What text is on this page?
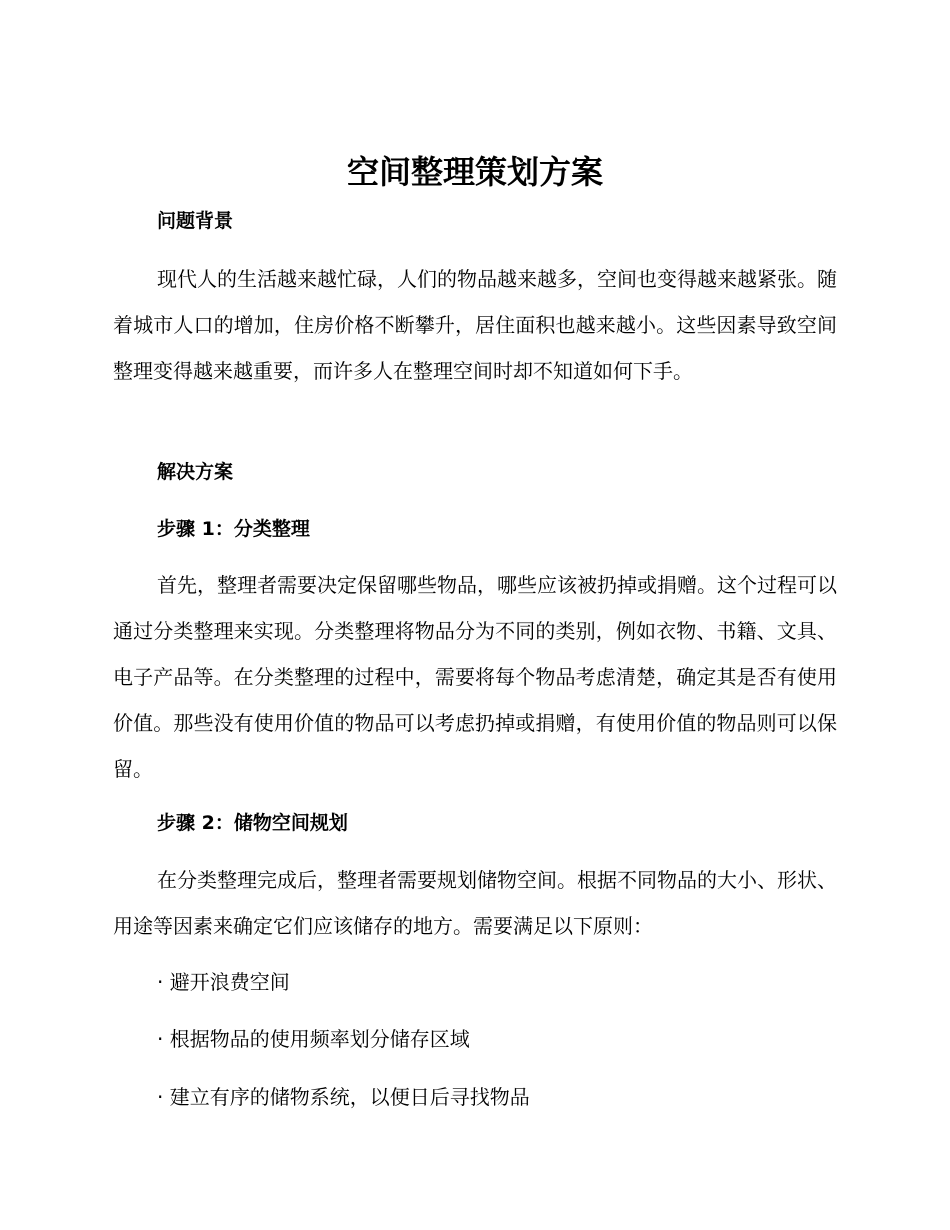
空间整理策划方案
问题背景

现代人的生活越来越忙碌，人们的物品越来越多，空间也变得越来越紧张。随着城市人口的增加，住房价格不断攀升，居住面积也越来越小。这些因素导致空间整理变得越来越重要，而许多人在整理空间时却不知道如何下手。

解决方案
步骤 1：分类整理

首先，整理者需要决定保留哪些物品，哪些应该被扔掉或捐赠。这个过程可以通过分类整理来实现。分类整理将物品分为不同的类别，例如衣物、书籍、文具、电子产品等。在分类整理的过程中，需要将每个物品考虑清楚，确定其是否有使用价值。那些没有使用价值的物品可以考虑扔掉或捐赠，有使用价值的物品则可以保留。

步骤 2：储物空间规划

在分类整理完成后，整理者需要规划储物空间。根据不同物品的大小、形状、用途等因素来确定它们应该储存的地方。需要满足以下原则：

· 避开浪费空间

· 根据物品的使用频率划分储存区域

· 建立有序的储物系统，以便日后寻找物品
